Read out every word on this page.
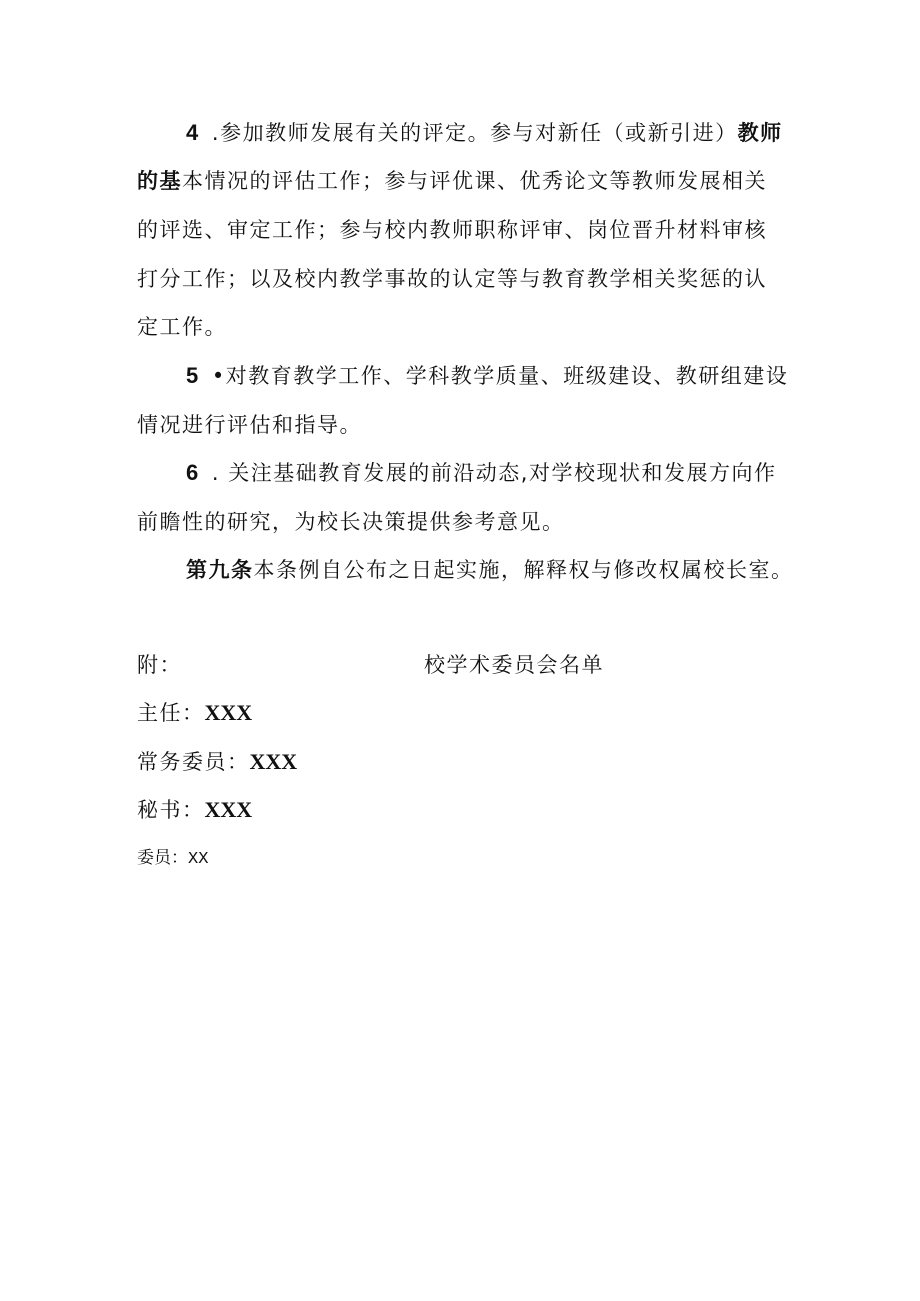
4 .参加教师发展有关的评定。参与对新任（或新引进）教师
的基本情况的评估工作；参与评优课、优秀论文等教师发展相关
的评选、审定工作；参与校内教师职称评审、岗位晋升材料审核
打分工作；以及校内教学事故的认定等与教育教学相关奖惩的认
定工作。
5 •对教育教学工作、学科教学质量、班级建设、教研组建设
情况进行评估和指导。
6 . 关注基础教育发展的前沿动态,对学校现状和发展方向作
前瞻性的研究，为校长决策提供参考意见。
第九条本条例自公布之日起实施，解释权与修改权属校长室。
附：	校学术委员会名单
主任：XXX
常务委员：XXX
秘书：XXX
委员：XX
